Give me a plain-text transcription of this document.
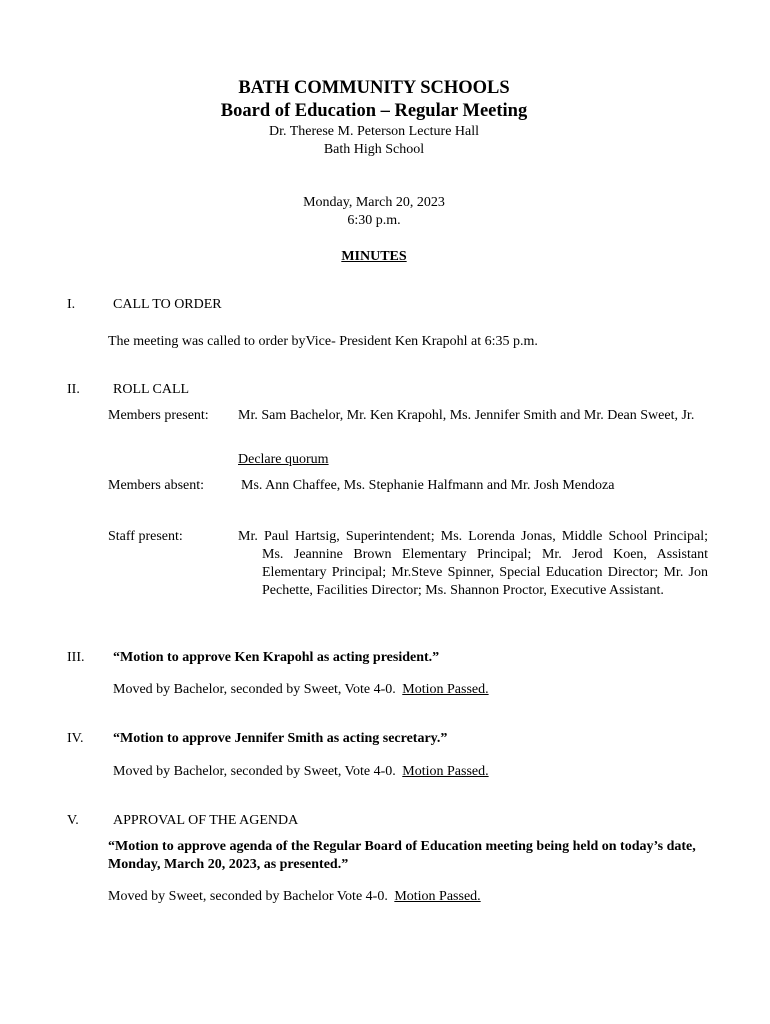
BATH COMMUNITY SCHOOLS
Board of Education – Regular Meeting
Dr. Therese M. Peterson Lecture Hall
Bath High School
Monday, March 20, 2023
6:30 p.m.
MINUTES
I.	CALL TO ORDER
The meeting was called to order byVice- President Ken Krapohl at 6:35 p.m.
II. ROLL CALL
Members present: Mr. Sam Bachelor, Mr. Ken Krapohl, Ms. Jennifer Smith and Mr. Dean Sweet, Jr.
Declare quorum
Members absent:	Ms. Ann Chaffee, Ms. Stephanie Halfmann and Mr. Josh Mendoza
Staff present:	Mr. Paul Hartsig, Superintendent; Ms. Lorenda Jonas, Middle School Principal; Ms. Jeannine Brown Elementary Principal; Mr. Jerod Koen, Assistant Elementary Principal; Mr.Steve Spinner, Special Education Director; Mr. Jon Pechette, Facilities Director; Ms. Shannon Proctor, Executive Assistant.
III. “Motion to approve Ken Krapohl as acting president.”
Moved by Bachelor, seconded by Sweet, Vote 4-0. Motion Passed.
IV. “Motion to approve Jennifer Smith as acting secretary.”
Moved by Bachelor, seconded by Sweet, Vote 4-0. Motion Passed.
V. APPROVAL OF THE AGENDA
“Motion to approve agenda of the Regular Board of Education meeting being held on today’s date, Monday, March 20, 2023, as presented.”
Moved by Sweet, seconded by Bachelor Vote 4-0. Motion Passed.
